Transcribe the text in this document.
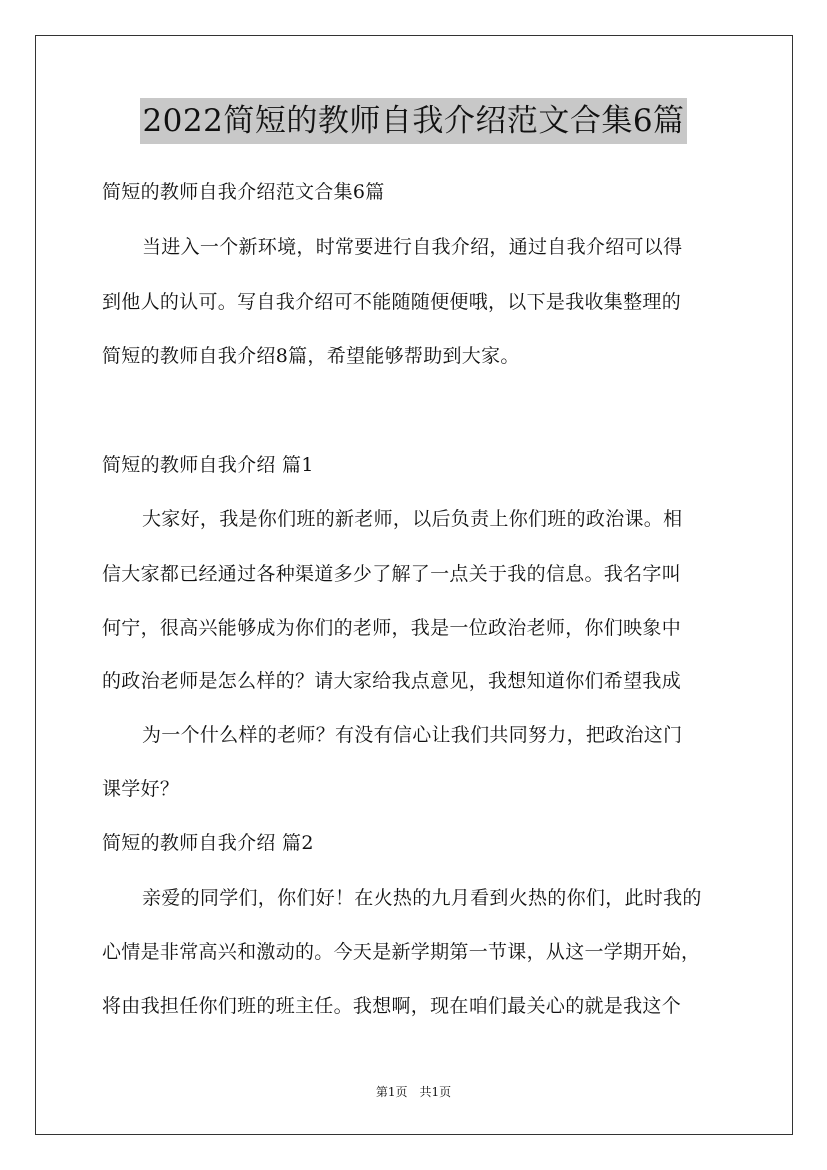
2022简短的教师自我介绍范文合集6篇
简短的教师自我介绍范文合集6篇
当进入一个新环境，时常要进行自我介绍，通过自我介绍可以得
到他人的认可。写自我介绍可不能随随便便哦，以下是我收集整理的
简短的教师自我介绍8篇，希望能够帮助到大家。
简短的教师自我介绍 篇1
大家好，我是你们班的新老师，以后负责上你们班的政治课。相
信大家都已经通过各种渠道多少了解了一点关于我的信息。我名字叫
何宁，很高兴能够成为你们的老师，我是一位政治老师，你们映象中
的政治老师是怎么样的？请大家给我点意见，我想知道你们希望我成
为一个什么样的老师？有没有信心让我们共同努力，把政治这门
课学好？
简短的教师自我介绍 篇2
亲爱的同学们，你们好！在火热的九月看到火热的你们，此时我的
心情是非常高兴和激动的。今天是新学期第一节课，从这一学期开始，
将由我担任你们班的班主任。我想啊，现在咱们最关心的就是我这个
第1页 共1页
